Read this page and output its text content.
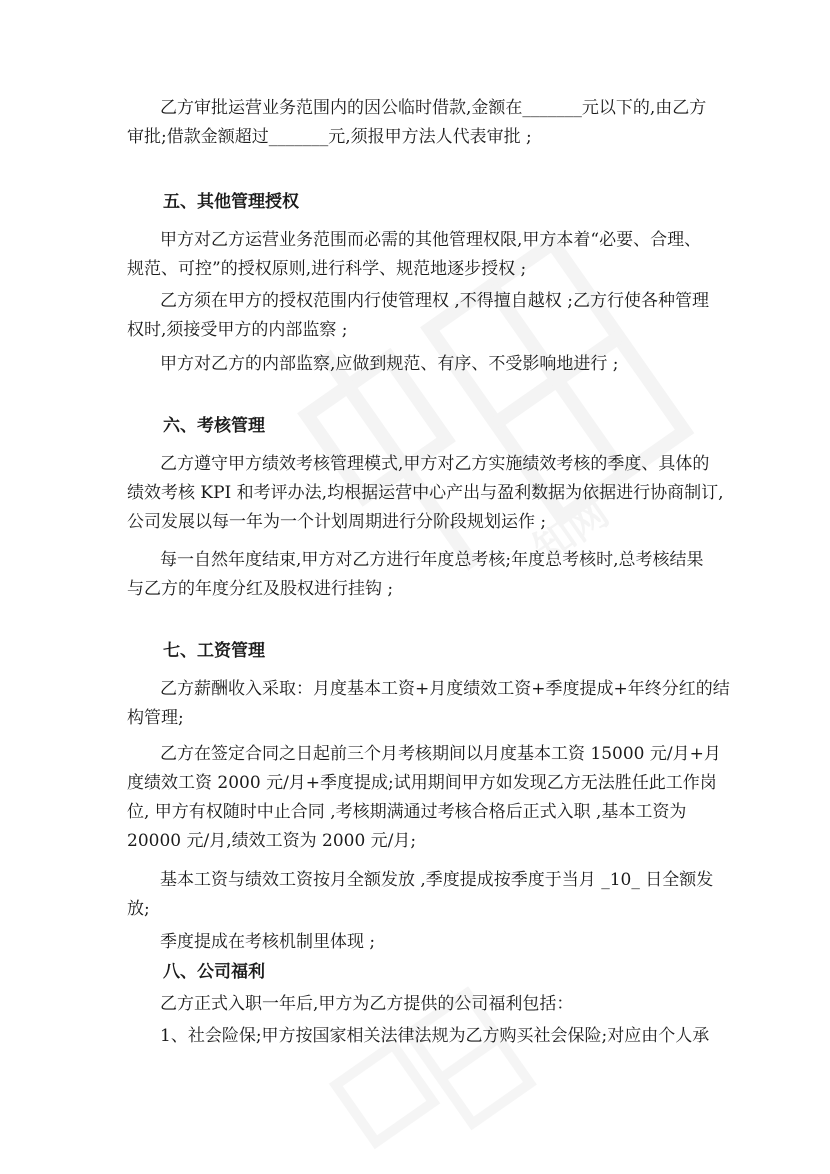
知网
乙方审批运营业务范围内的因公临时借款,金额在_______元以下的,由乙方
审批;借款金额超过_______元,须报甲方法人代表审批 ;
五、其他管理授权
甲方对乙方运营业务范围而必需的其他管理权限,甲方本着“必要、合理、
规范、可控”的授权原则,进行科学、规范地逐步授权 ;
乙方须在甲方的授权范围内行使管理权 ,不得擅自越权 ;乙方行使各种管理
权时,须接受甲方的内部监察 ;
甲方对乙方的内部监察,应做到规范、有序、不受影响地进行 ;
六、考核管理
乙方遵守甲方绩效考核管理模式,甲方对乙方实施绩效考核的季度、具体的
绩效考核 KPI 和考评办法,均根据运营中心产出与盈利数据为依据进行协商制订,
公司发展以每一年为一个计划周期进行分阶段规划运作 ;
每一自然年度结束,甲方对乙方进行年度总考核;年度总考核时,总考核结果
与乙方的年度分红及股权进行挂钩 ;
七、工资管理
乙方薪酬收入采取：月度基本工资+月度绩效工资+季度提成+年终分红的结
构管理;
乙方在签定合同之日起前三个月考核期间以月度基本工资 15000 元/月+月
度绩效工资 2000 元/月+季度提成;试用期间甲方如发现乙方无法胜任此工作岗
位, 甲方有权随时中止合同 ,考核期满通过考核合格后正式入职 ,基本工资为
20000 元/月,绩效工资为 2000 元/月;
基本工资与绩效工资按月全额发放 ,季度提成按季度于当月 _10_ 日全额发
放;
季度提成在考核机制里体现 ;
八、公司福利
乙方正式入职一年后,甲方为乙方提供的公司福利包括：
1、社会险保;甲方按国家相关法律法规为乙方购买社会保险;对应由个人承
